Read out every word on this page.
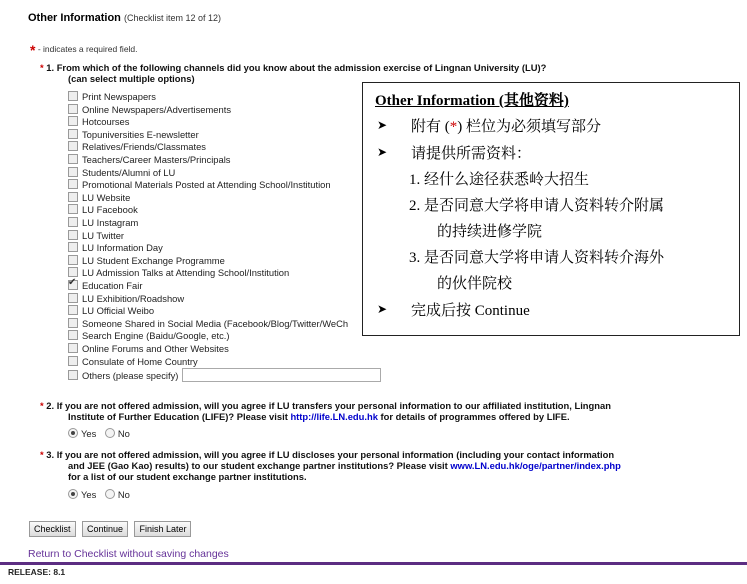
Other Information (Checklist item 12 of 12)
* - indicates a required field.
* 1. From which of the following channels did you know about the admission exercise of Lingnan University (LU)?
(can select multiple options)
Print Newspapers
Online Newspapers/Advertisements
Hotcourses
Topuniversities E-newsletter
Relatives/Friends/Classmates
Teachers/Career Masters/Principals
Students/Alumni of LU
Promotional Materials Posted at Attending School/Institution
LU Website
LU Facebook
LU Instagram
LU Twitter
LU Information Day
LU Student Exchange Programme
LU Admission Talks at Attending School/Institution
✔Education Fair
LU Exhibition/Roadshow
LU Official Weibo
Someone Shared in Social Media (Facebook/Blog/Twitter/WeCh
Search Engine (Baidu/Google, etc.)
Online Forums and Other Websites
Consulate of Home Country
Others (please specify)
* 2. If you are not offered admission, will you agree if LU transfers your personal information to our affiliated institution, Lingnan
Institute of Further Education (LIFE)? Please visit http://life.LN.edu.hk for details of programmes offered by LIFE.
Yes No
* 3. If you are not offered admission, will you agree if LU discloses your personal information (including your contact information
and JEE (Gao Kao) results) to our student exchange partner institutions? Please visit www.LN.edu.hk/oge/partner/index.php
for a list of our student exchange partner institutions.
Yes No
Checklist Continue Finish Later
Return to Checklist without saving changes
RELEASE: 8.1
Other Information (其他资料)
➤ 附有 (*) 栏位为必须填写部分
➤ 请提供所需资料：
1. 经什么途径获悉岭大招生
2. 是否同意大学将申请人资料转介附属
的持续进修学院
3. 是否同意大学将申请人资料转介海外
的伙伴院校
➤ 完成后按 Continue
